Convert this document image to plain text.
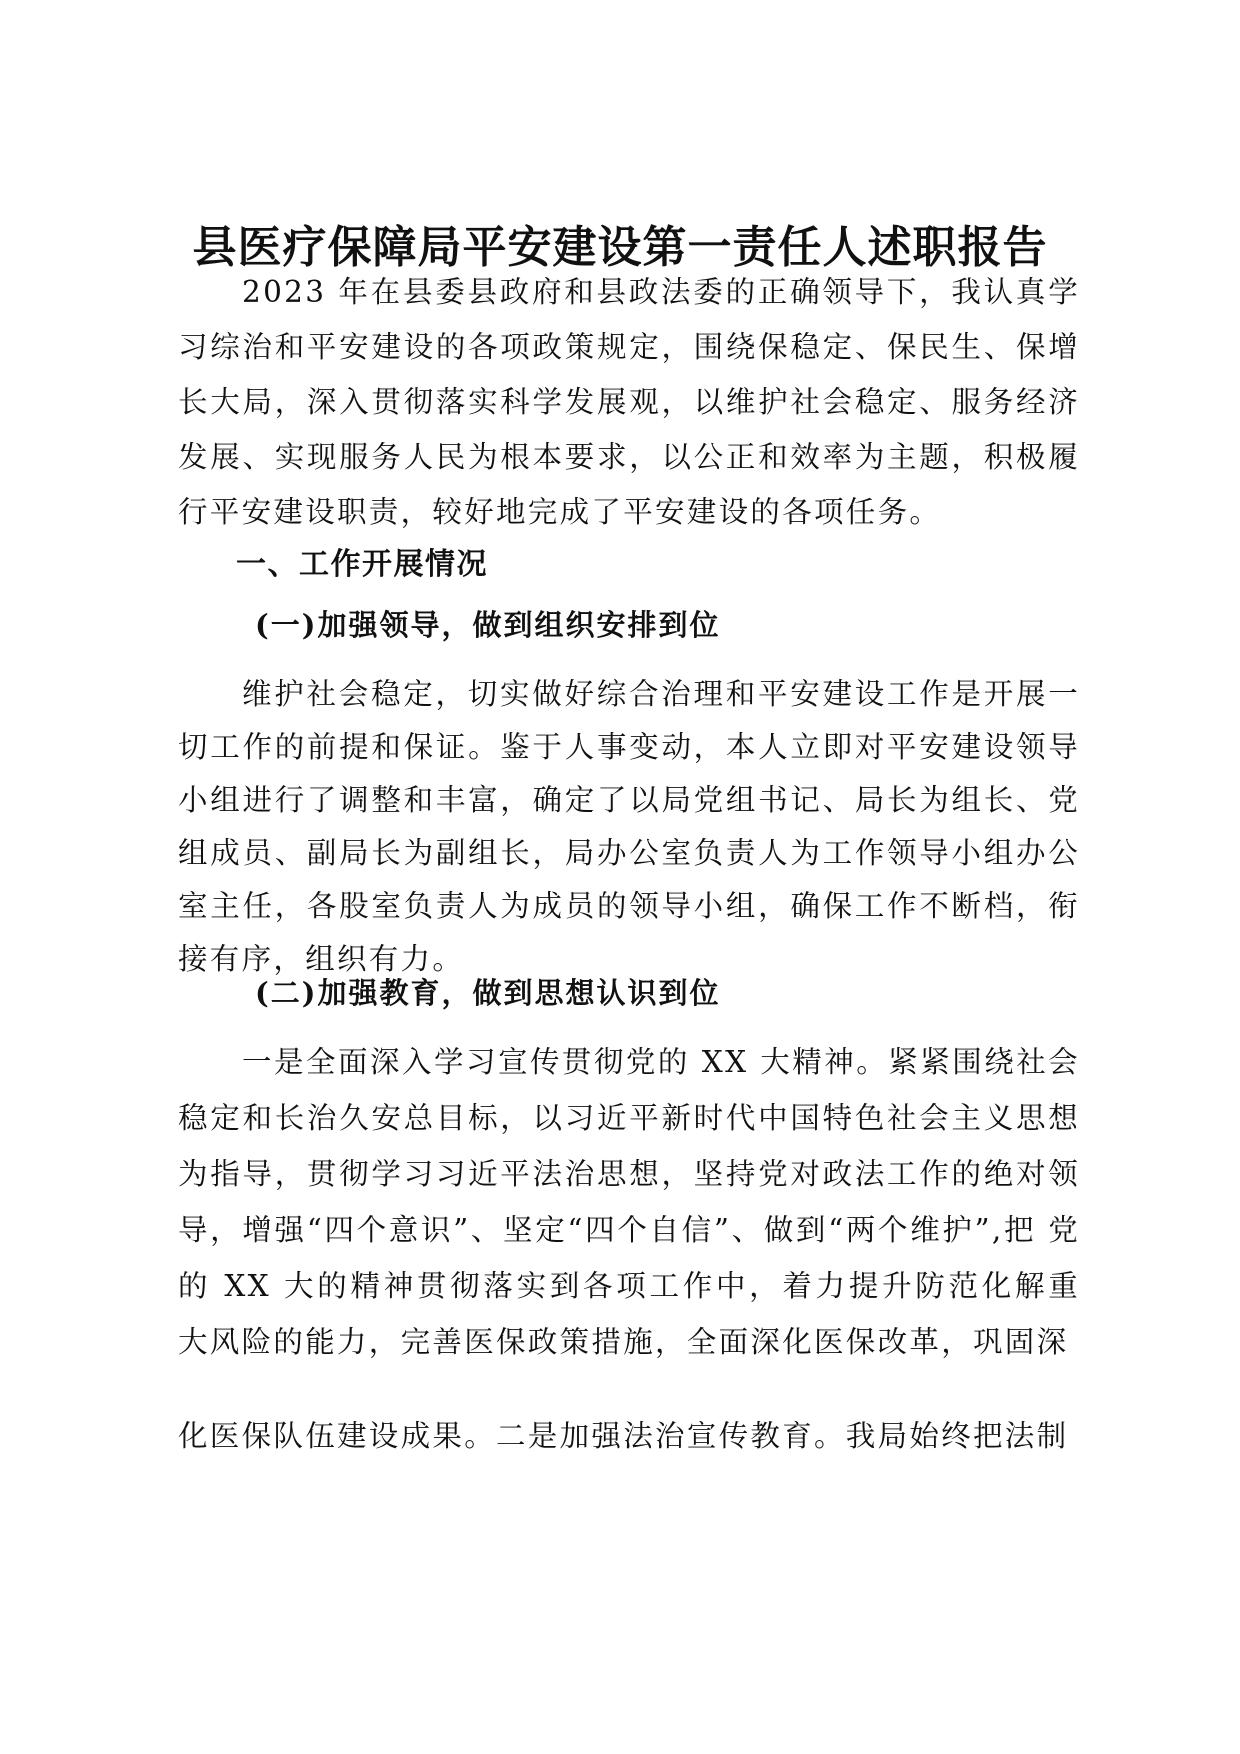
县医疗保障局平安建设第一责任人述职报告

2023 年在县委县政府和县政法委的正确领导下，我认真学习综治和平安建设的各项政策规定，围绕保稳定、保民生、保增长大局，深入贯彻落实科学发展观，以维护社会稳定、服务经济发展、实现服务人民为根本要求，以公正和效率为主题，积极履行平安建设职责，较好地完成了平安建设的各项任务。

一、工作开展情况
(一)加强领导，做到组织安排到位

维护社会稳定，切实做好综合治理和平安建设工作是开展一切工作的前提和保证。鉴于人事变动，本人立即对平安建设领导小组进行了调整和丰富，确定了以局党组书记、局长为组长、党组成员、副局长为副组长，局办公室负责人为工作领导小组办公室主任，各股室负责人为成员的领导小组，确保工作不断档，衔接有序，组织有力。

(二)加强教育，做到思想认识到位

一是全面深入学习宣传贯彻党的 XX 大精神。紧紧围绕社会 稳定和长治久安总目标，以习近平新时代中国特色社会主义思想 为指导，贯彻学习习近平法治思想，坚持党对政法工作的绝对领 导，增强“四个意识”、坚定“四个自信”、做到“两个维护”,把 党的 XX 大的精神贯彻落实到各项工作中，着力提升防范化解重 大风险的能力，完善医保政策措施，全面深化医保改革，巩固深

化医保队伍建设成果。二是加强法治宣传教育。我局始终把法制
